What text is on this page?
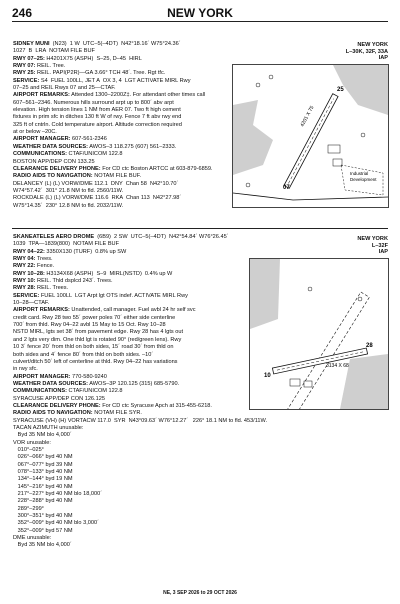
246	NEW YORK
SIDNEY MUNI  (N23)  1 W  UTC–5(–4DT)  N42°18.16´ W75°24.36´
1027  B  LRA  NOTAM FILE BUF
RWY 07–25: H4201X75 (ASPH)  S–25, D–45  HIRL
RWY 07: REIL. Tree.
RWY 25: REIL. PAPI(P2R)—GA 3.66° TCH 48´. Tree. Rgt tfc.
SERVICE: S4  FUEL 100LL, JET A  OX 3, 4  LGT ACTIVATE MIRL Rwy
07–25 and REIL Rwys 07 and 25—CTAF.
AIRPORT REMARKS: Attended 1300–2200Z‡. For attendant other times call
607–561–2346. Numerous hills surround arpt up to 800´ abv arpt
elevation. High tension lines 1 NM from AER 07. Two ft high cement
fixtures in prim sfc in ditches 130 ft W of rwy. Fence 7 ft abv rwy end
325 ft of cntrln. Cold temperature airport. Altitude correction required
at or below –20C.
AIRPORT MANAGER: 607-561-2346
WEATHER DATA SOURCES: AWOS–3 118.275 (607) 561–2333.
COMMUNICATIONS: CTAF/UNICOM 122.8
BOSTON APP/DEP CON 133.25
CLEARANCE DELIVERY PHONE: For CD ctc Boston ARTCC at 603-879-6859.
RADIO AIDS TO NAVIGATION: NOTAM FILE BUF.
DELANCEY (L) (L) VORW/DME 112.1  DNY  Chan 58  N42°10.70´
W74°57.42´  301° 21.8 NM to fld. 2560/11W.
ROCKDALE (L) (L) VORW/DME 116.6  RKA  Chan 113  N42°27.98´
W75°14.35´  230° 12.8 NM to fld. 2032/11W.
NEW YORK
L–30K, 32F, 33A
IAP
4201 X 75
07
25
Industrial
Development
SKANEATELES AERO DROME  (6B9)  2 SW  UTC–5(–4DT)  N42°54.84´ W76°26.45´
1039  TPA—1839(800)  NOTAM FILE BUF
RWY 04–22: 3350X130 (TURF)  0.8% up SW
RWY 04: Trees.
RWY 22: Fence.
RWY 10–28: H3134X68 (ASPH)  S–9  MIRL(NSTD)  0.4% up W
RWY 10: REIL. Thld dsplcd 243´. Trees.
RWY 28: REIL. Trees.
SERVICE: FUEL 100LL  LGT Arpt lgt OTS indef. ACTIVATE MIRL Rwy
10–28—CTAF.
AIRPORT REMARKS: Unattended, call manager. Fuel avbl 24 hr self svc
credit card. Rwy 28 two 55´ power poles 70´ either side centerline
700´ from thld. Rwy 04–22 avbl 15 May to 15 Oct. Rwy 10–28
NSTD MIRL, lgts set 38´ from pavement edge. Rwy 28 has 4 lgts out
and 2 lgts very dim. One thld lgt is rotated 90° (red/green lens). Rwy
10 3´ fence 20´ from thld on both sides, 15´ road 30´ from thld on
both sides and 4´ fence 80´ from thld on both sides. –10´
culvert/ditch 50´ left of centerline at thld. Rwy 04–22 has variations
in rwy sfc.
AIRPORT MANAGER: 770-580-9240
WEATHER DATA SOURCES: AWOS–3P 120.125 (315) 685-5790.
COMMUNICATIONS: CTAF/UNICOM 122.8
SYRACUSE APP/DEP CON 126.125
CLEARANCE DELIVERY PHONE: For CD ctc Syracuse Apch at 315-455-6218.
RADIO AIDS TO NAVIGATION: NOTAM FILE SYR.
SYRACUSE (VH) (H) VORTACW 117.0  SYR  N43°09.63´ W76°12.27´   226° 18.1 NM to fld. 453/11W.
TACAN AZIMUTH unusable:
Byd 35 NM blo 4,000´
VOR unusable:
010°–025°
026°–066° byd 40 NM
067°–077° byd 39 NM
078°–133° byd 40 NM
134°–144° byd 19 NM
145°–216° byd 40 NM
217°–227° byd 40 NM blo 18,000´
228°–288° byd 40 NM
289°–299°
300°–351° byd 40 NM
352°–009° byd 40 NM blo 3,000´
352°–009° byd 57 NM
DME unusable:
Byd 35 NM blo 4,000´
NEW YORK
L–32F
IAP
3134 X 68
10
28
NE, 3 SEP 2026 to 29 OCT 2026
